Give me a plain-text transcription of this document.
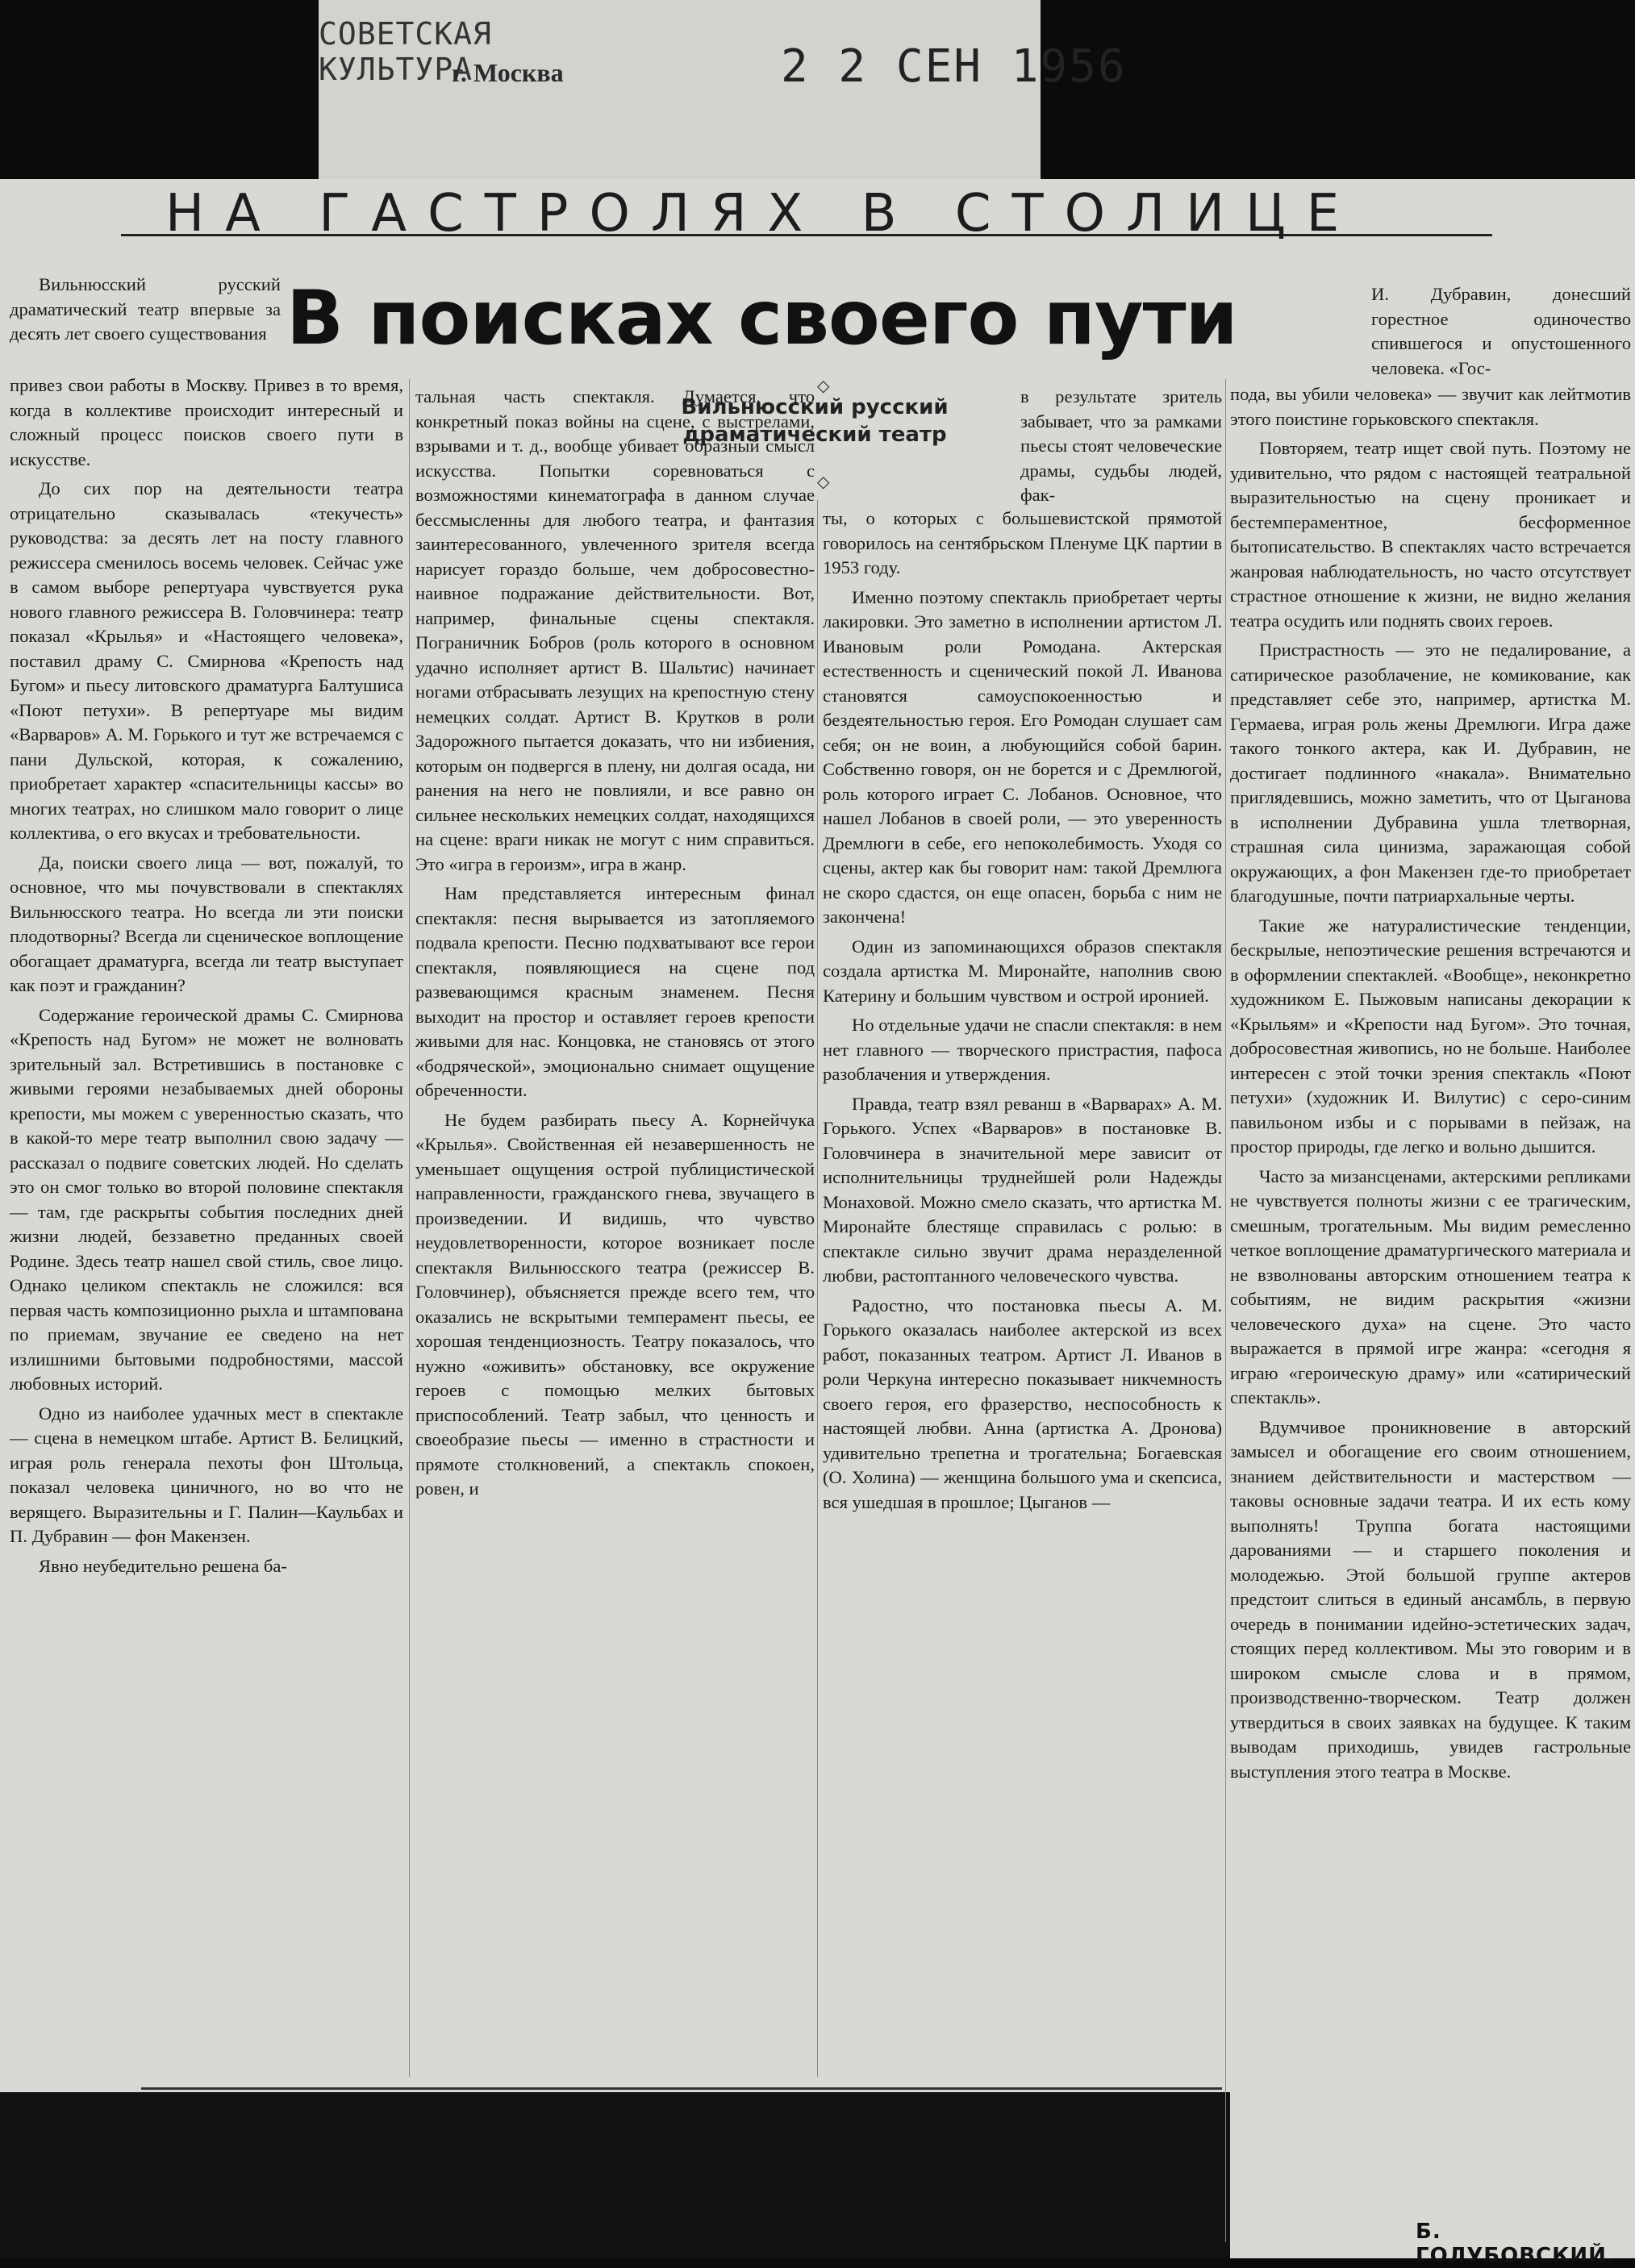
СОВЕТСКАЯ КУЛЬТУРА
г. Москва	2 2 СЕН 1956
НА ГАСТРОЛЯХ В СТОЛИЦЕ
В поисках своего пути
◇
Вильнюсский русский драматический театр
◇

Вильнюсский русский драматический театр впервые за десять лет своего существования

привез свои работы в Москву. Привез в то время, когда в коллективе происходит интересный и сложный процесс поисков своего пути в искусстве.

До сих пор на деятельности театра отрицательно сказывалась «текучесть» руководства: за десять лет на посту главного режиссера сменилось восемь человек. Сейчас уже в самом выборе репертуара чувствуется рука нового главного режиссера В. Головчинера: театр показал «Крылья» и «Настоящего человека», поставил драму С. Смирнова «Крепость над Бугом» и пьесу литовского драматурга Балтушиса «Поют петухи». В репертуаре мы видим «Варваров» А. М. Горького и тут же встречаемся с пани Дульской, которая, к сожалению, приобретает характер «спасительницы кассы» во многих театрах, но слишком мало говорит о лице коллектива, о его вкусах и требовательности.

Да, поиски своего лица — вот, пожалуй, то основное, что мы почувствовали в спектаклях Вильнюсского театра. Но всегда ли эти поиски плодотворны? Всегда ли сценическое воплощение обогащает драматурга, всегда ли театр выступает как поэт и гражданин?

Содержание героической драмы С. Смирнова «Крепость над Бугом» не может не волновать зрительный зал. Встретившись в постановке с живыми героями незабываемых дней обороны крепости, мы можем с уверенностью сказать, что в какой-то мере театр выполнил свою задачу — рассказал о подвиге советских людей. Но сделать это он смог только во второй половине спектакля — там, где раскрыты события последних дней жизни людей, беззаветно преданных своей Родине. Здесь театр нашел свой стиль, свое лицо. Однако целиком спектакль не сложился: вся первая часть композиционно рыхла и штампована по приемам, звучание ее сведено на нет излишними бытовыми подробностями, массой любовных историй.

Одно из наиболее удачных мест в спектакле — сцена в немецком штабе. Артист В. Белицкий, играя роль генерала пехоты фон Штольца, показал человека циничного, но во что не верящего. Выразительны и Г. Палин—Каульбах и П. Дубравин — фон Макензен.

Явно неубедительно решена ба-

тальная часть спектакля. Думается, что конкретный показ войны на сцене, с выстрелами, взрывами и т. д., вообще убивает образный смысл искусства. Попытки соревноваться с возможностями кинематографа в данном случае бессмысленны для любого театра, и фантазия заинтересованного, увлеченного зрителя всегда нарисует гораздо больше, чем добросовестно-наивное подражание действительности. Вот, например, финальные сцены спектакля. Пограничник Бобров (роль которого в основном удачно исполняет артист В. Шальтис) начинает ногами отбрасывать лезущих на крепостную стену немецких солдат. Артист В. Крутков в роли Задорожного пытается доказать, что ни избиения, которым он подвергся в плену, ни долгая осада, ни ранения на него не повлияли, и все равно он сильнее нескольких немецких солдат, находящихся на сцене: враги никак не могут с ним справиться. Это «игра в героизм», игра в жанр.

Нам представляется интересным финал спектакля: песня вырывается из затопляемого подвала крепости. Песню подхватывают все герои спектакля, появляющиеся на сцене под развевающимся красным знаменем. Песня выходит на простор и оставляет героев крепости живыми для нас. Концовка, не становясь от этого «бодряческой», эмоционально снимает ощущение обреченности.

Не будем разбирать пьесу А. Корнейчука «Крылья». Свойственная ей незавершенность не уменьшает ощущения острой публицистической направленности, гражданского гнева, звучащего в произведении. И видишь, что чувство неудовлетворенности, которое возникает после спектакля Вильнюсского театра (режиссер В. Головчинер), объясняется прежде всего тем, что оказались не вскрытыми темперамент пьесы, ее хорошая тенденциозность. Театру показалось, что нужно «оживить» обстановку, все окружение героев с помощью мелких бытовых приспособлений. Театр забыл, что ценность и своеобразие пьесы — именно в страстности и прямоте столкновений, а спектакль спокоен, ровен, и

в результате зритель забывает, что за рамками пьесы стоят человеческие драмы, судьбы людей, фак-

ты, о которых с большевистской прямотой говорилось на сентябрьском Пленуме ЦК партии в 1953 году.

Именно поэтому спектакль приобретает черты лакировки. Это заметно в исполнении артистом Л. Ивановым роли Ромодана. Актерская естественность и сценический покой Л. Иванова становятся самоуспокоенностью и бездеятельностью героя. Его Ромодан слушает сам себя; он не воин, а любующийся собой барин. Собственно говоря, он не борется и с Дремлюгой, роль которого играет С. Лобанов. Основное, что нашел Лобанов в своей роли, — это уверенность Дремлюги в себе, его непоколебимость. Уходя со сцены, актер как бы говорит нам: такой Дремлюга не скоро сдастся, он еще опасен, борьба с ним не закончена!

Один из запоминающихся образов спектакля создала артистка М. Миронайте, наполнив свою Катерину и большим чувством и острой иронией.

Но отдельные удачи не спасли спектакля: в нем нет главного — творческого пристрастия, пафоса разоблачения и утверждения.

Правда, театр взял реванш в «Варварах» А. М. Горького. Успех «Варваров» в постановке В. Головчинера в значительной мере зависит от исполнительницы труднейшей роли Надежды Монаховой. Можно смело сказать, что артистка М. Миронайте блестяще справилась с ролью: в спектакле сильно звучит драма неразделенной любви, растоптанного человеческого чувства.

Радостно, что постановка пьесы А. М. Горького оказалась наиболее актерской из всех работ, показанных театром. Артист Л. Иванов в роли Черкуна интересно показывает никчемность своего героя, его фразерство, неспособность к настоящей любви. Анна (артистка А. Дронова) удивительно трепетна и трогательна; Богаевская (О. Холина) — женщина большого ума и скепсиса, вся ушедшая в прошлое; Цыганов —

И. Дубравин, донесший горестное одиночество спившегося и опустошенного человека. «Гос-

пода, вы убили человека» — звучит как лейтмотив этого поистине горьковского спектакля.

Повторяем, театр ищет свой путь. Поэтому не удивительно, что рядом с настоящей театральной выразительностью на сцену проникает и бестемпераментное, бесформенное бытописательство. В спектаклях часто встречается жанровая наблюдательность, но часто отсутствует страстное отношение к жизни, не видно желания театра осудить или поднять своих героев.

Пристрастность — это не педалирование, а сатирическое разоблачение, не комикование, как представляет себе это, например, артистка М. Гермаева, играя роль жены Дремлюги. Игра даже такого тонкого актера, как И. Дубравин, не достигает подлинного «накала». Внимательно приглядевшись, можно заметить, что от Цыганова в исполнении Дубравина ушла тлетворная, страшная сила цинизма, заражающая собой окружающих, а фон Макензен где-то приобретает благодушные, почти патриархальные черты.

Такие же натуралистические тенденции, бескрылые, непоэтические решения встречаются и в оформлении спектаклей. «Вообще», неконкретно художником Е. Пыжовым написаны декорации к «Крыльям» и «Крепости над Бугом». Это точная, добросовестная живопись, но не больше. Наиболее интересен с этой точки зрения спектакль «Поют петухи» (художник И. Вилутис) с серо-синим павильоном избы и с порывами в пейзаж, на простор природы, где легко и вольно дышится.

Часто за мизансценами, актерскими репликами не чувствуется полноты жизни с ее трагическим, смешным, трогательным. Мы видим ремесленно четкое воплощение драматургического материала и не взволнованы авторским отношением театра к событиям, не видим раскрытия «жизни человеческого духа» на сцене. Это часто выражается в прямой игре жанра: «сегодня я играю «героическую драму» или «сатирический спектакль».

Вдумчивое проникновение в авторский замысел и обогащение его своим отношением, знанием действительности и мастерством — таковы основные задачи театра. И их есть кому выполнять! Труппа богата настоящими дарованиями — и старшего поколения и молодежью. Этой большой группе актеров предстоит слиться в единый ансамбль, в первую очередь в понимании идейно-эстетических задач, стоящих перед коллективом. Мы это говорим и в широком смысле слова и в прямом, производственно-творческом. Театр должен утвердиться в своих заявках на будущее. К таким выводам приходишь, увидев гастрольные выступления этого театра в Москве.

Б. ГОЛУБОВСКИЙ.
